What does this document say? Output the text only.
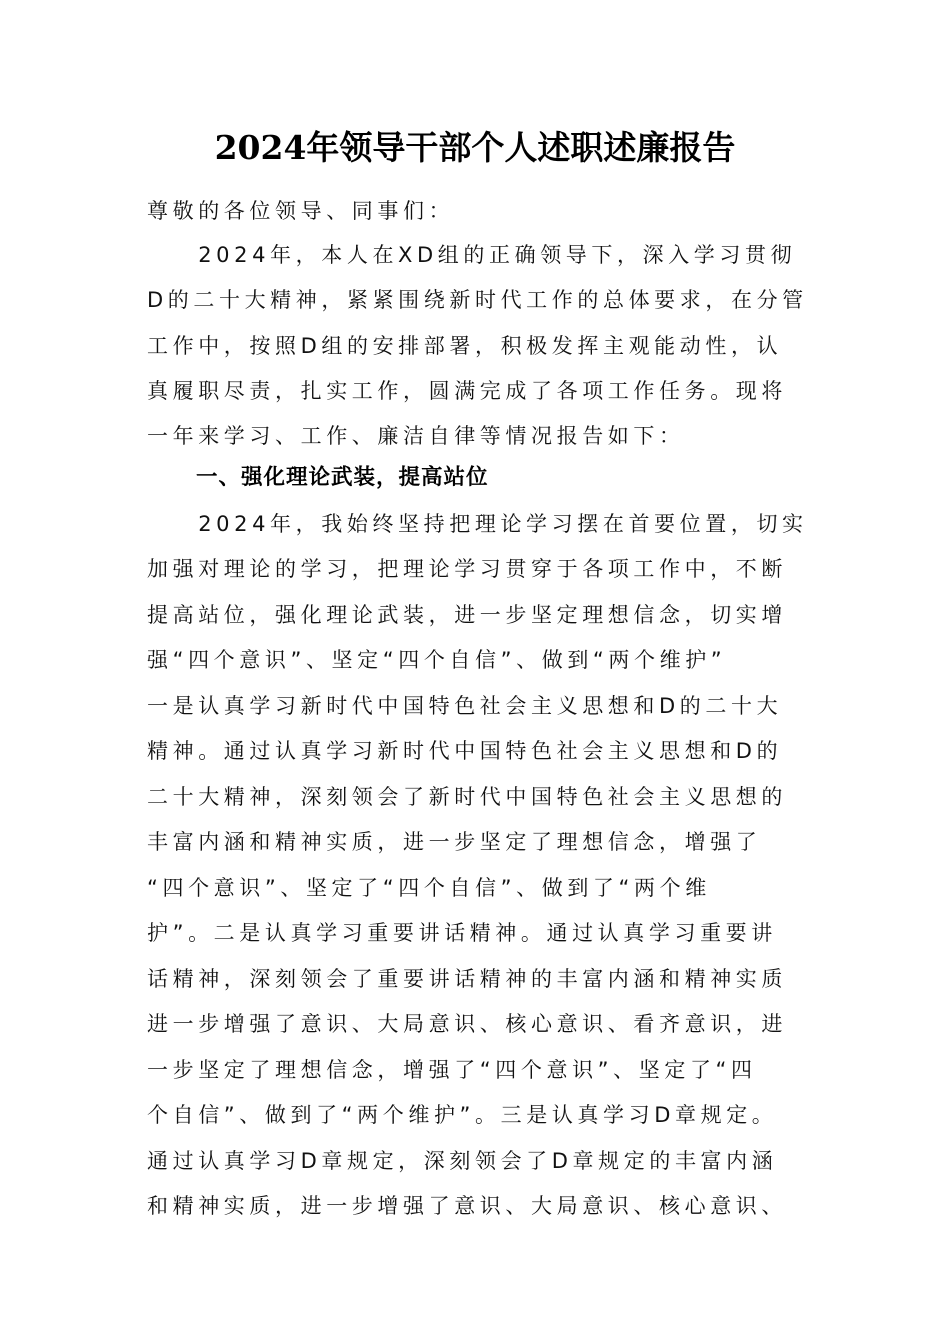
2024年领导干部个人述职述廉报告
尊敬的各位领导、同事们：
　　2024年，本人在XD组的正确领导下，深入学习贯彻
D的二十大精神，紧紧围绕新时代工作的总体要求，在分管
工作中，按照D组的安排部署，积极发挥主观能动性，认
真履职尽责，扎实工作，圆满完成了各项工作任务。现将
一年来学习、工作、廉洁自律等情况报告如下：
一、强化理论武装，提高站位
　　2024年，我始终坚持把理论学习摆在首要位置，切实
加强对理论的学习，把理论学习贯穿于各项工作中，不断
提高站位，强化理论武装，进一步坚定理想信念，切实增
强“四个意识”、坚定“四个自信”、做到“两个维护”
一是认真学习新时代中国特色社会主义思想和D的二十大
精神。通过认真学习新时代中国特色社会主义思想和D的
二十大精神，深刻领会了新时代中国特色社会主义思想的
丰富内涵和精神实质，进一步坚定了理想信念，增强了
“四个意识”、坚定了“四个自信”、做到了“两个维
护”。二是认真学习重要讲话精神。通过认真学习重要讲
话精神，深刻领会了重要讲话精神的丰富内涵和精神实质
进一步增强了意识、大局意识、核心意识、看齐意识，进
一步坚定了理想信念，增强了“四个意识”、坚定了“四
个自信”、做到了“两个维护”。三是认真学习D章规定。
通过认真学习D章规定，深刻领会了D章规定的丰富内涵
和精神实质，进一步增强了意识、大局意识、核心意识、
